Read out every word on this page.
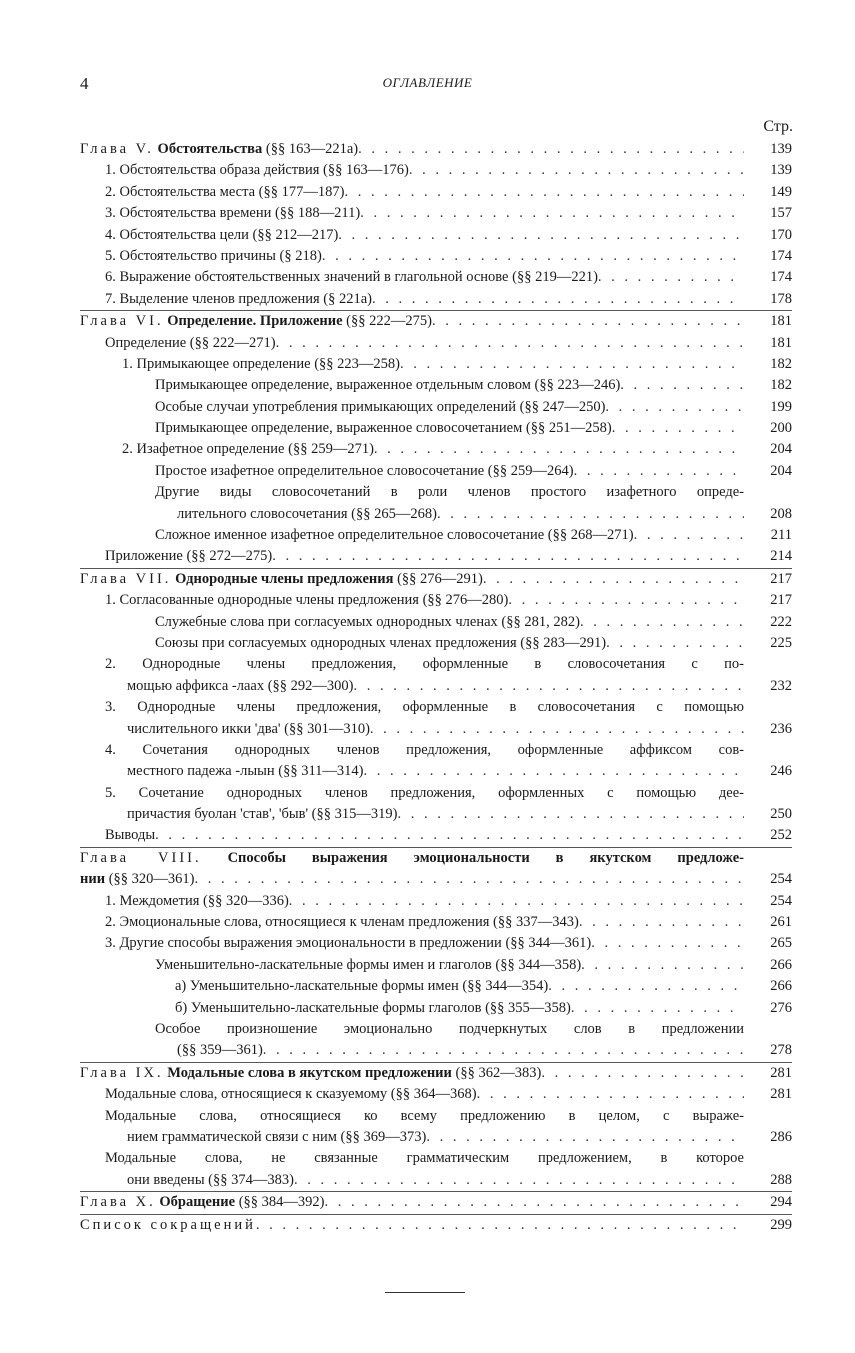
4	ОГЛАВЛЕНИЕ
Стр.
Глава V. Обстоятельства (§§ 163—221а) . . .	139
1. Обстоятельства образа действия (§§ 163—176) . . .	139
2. Обстоятельства места (§§ 177—187) . . .	149
3. Обстоятельства времени (§§ 188—211) . . .	157
4. Обстоятельства цели (§§ 212—217) . . .	170
5. Обстоятельство причины (§ 218) . . .	174
6. Выражение обстоятельственных значений в глагольной основе (§§ 219—221) . . .	174
7. Выделение членов предложения (§ 221а) . . .	178
Глава VI. Определение. Приложение (§§ 222—275) . . .	181
Определение (§§ 222—271) . . .	181
1. Примыкающее определение (§§ 223—258) . . .	182
Примыкающее определение, выраженное отдельным словом (§§ 223—246) . . .	182
Особые случаи употребления примыкающих определений (§§ 247—250) . . .	199
Примыкающее определение, выраженное словосочетанием (§§ 251—258) . . .	200
2. Изафетное определение (§§ 259—271) . . .	204
Простое изафетное определительное словосочетание (§§ 259—264) . . .	204
Другие виды словосочетаний в роли членов простого изафетного опреде-
лительного словосочетания (§§ 265—268) . . .	208
Сложное именное изафетное определительное словосочетание (§§ 268—271) . . .	211
Приложение (§§ 272—275) . . .	214
Глава VII. Однородные члены предложения (§§ 276—291) . . .	217
1. Согласованные однородные члены предложения (§§ 276—280) . . .	217
Служебные слова при согласуемых однородных членах (§§ 281, 282) . . .	222
Союзы при согласуемых однородных членах предложения (§§ 283—291) . . .	225
2. Однородные члены предложения, оформленные в словосочетания с по-
мощью аффикса -лаах (§§ 292—300) . . .	232
3. Однородные члены предложения, оформленные в словосочетания с помощью
числительного икки 'два' (§§ 301—310) . . .	236
4. Сочетания однородных членов предложения, оформленные аффиксом сов-
местного падежа -лыын (§§ 311—314) . . .	246
5. Сочетание однородных членов предложения, оформленных с помощью дее-
причастия буолан 'став', 'быв' (§§ 315—319) . . .	250
Выводы . . .	252
Глава VIII. Способы выражения эмоциональности в якутском предложе-
нии (§§ 320—361) . . .	254
1. Междометия (§§ 320—336) . . .	254
2. Эмоциональные слова, относящиеся к членам предложения (§§ 337—343) . . .	261
3. Другие способы выражения эмоциональности в предложении (§§ 344—361) . . .	265
Уменьшительно-ласкательные формы имен и глаголов (§§ 344—358) . . .	266
а) Уменьшительно-ласкательные формы имен (§§ 344—354) . . .	266
б) Уменьшительно-ласкательные формы глаголов (§§ 355—358) . . .	276
Особое произношение эмоционально подчеркнутых слов в предложении
(§§ 359—361) . . .	278
Глава IX. Модальные слова в якутском предложении (§§ 362—383) . . .	281
Модальные слова, относящиеся к сказуемому (§§ 364—368) . . .	281
Модальные слова, относящиеся ко всему предложению в целом, с выраже-
нием грамматической связи с ним (§§ 369—373) . . .	286
Модальные слова, не связанные грамматическим предложением, в которое
они введены (§§ 374—383) . . .	288
Глава X. Обращение (§§ 384—392) . . .	294
Список сокращений . . .	299
